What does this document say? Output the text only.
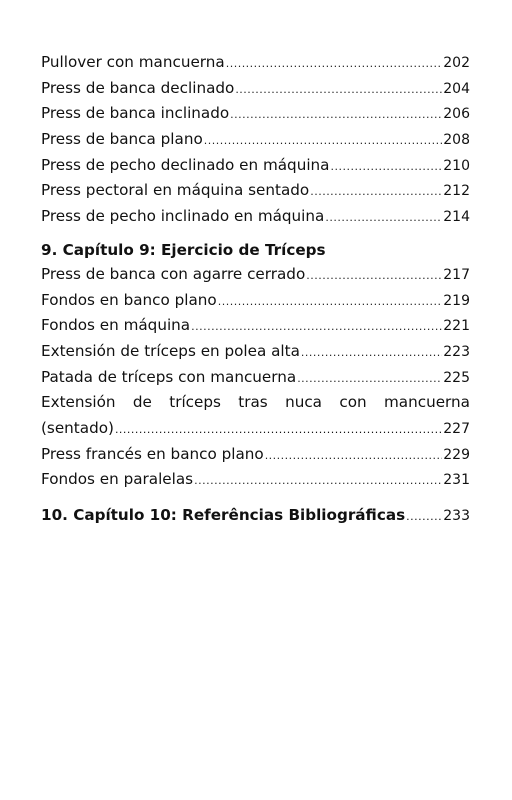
Pullover con mancuerna .....	202
Press de banca declinado .....	204
Press de banca inclinado .....	206
Press de banca plano .....	208
Press de pecho declinado en máquina .....	210
Press pectoral en máquina sentado .....	212
Press de pecho inclinado en máquina .....	214
9. Capítulo 9: Ejercicio de Tríceps
Press de banca con agarre cerrado .....	217
Fondos en banco plano .....	219
Fondos en máquina .....	221
Extensión de tríceps en polea alta .....	223
Patada de tríceps con mancuerna .....	225
Extensión de tríceps tras nuca con mancuerna
(sentado) .....	227
Press francés en banco plano .....	229
Fondos en paralelas .....	231
10. Capítulo 10: Referências Bibliográficas .....	233
